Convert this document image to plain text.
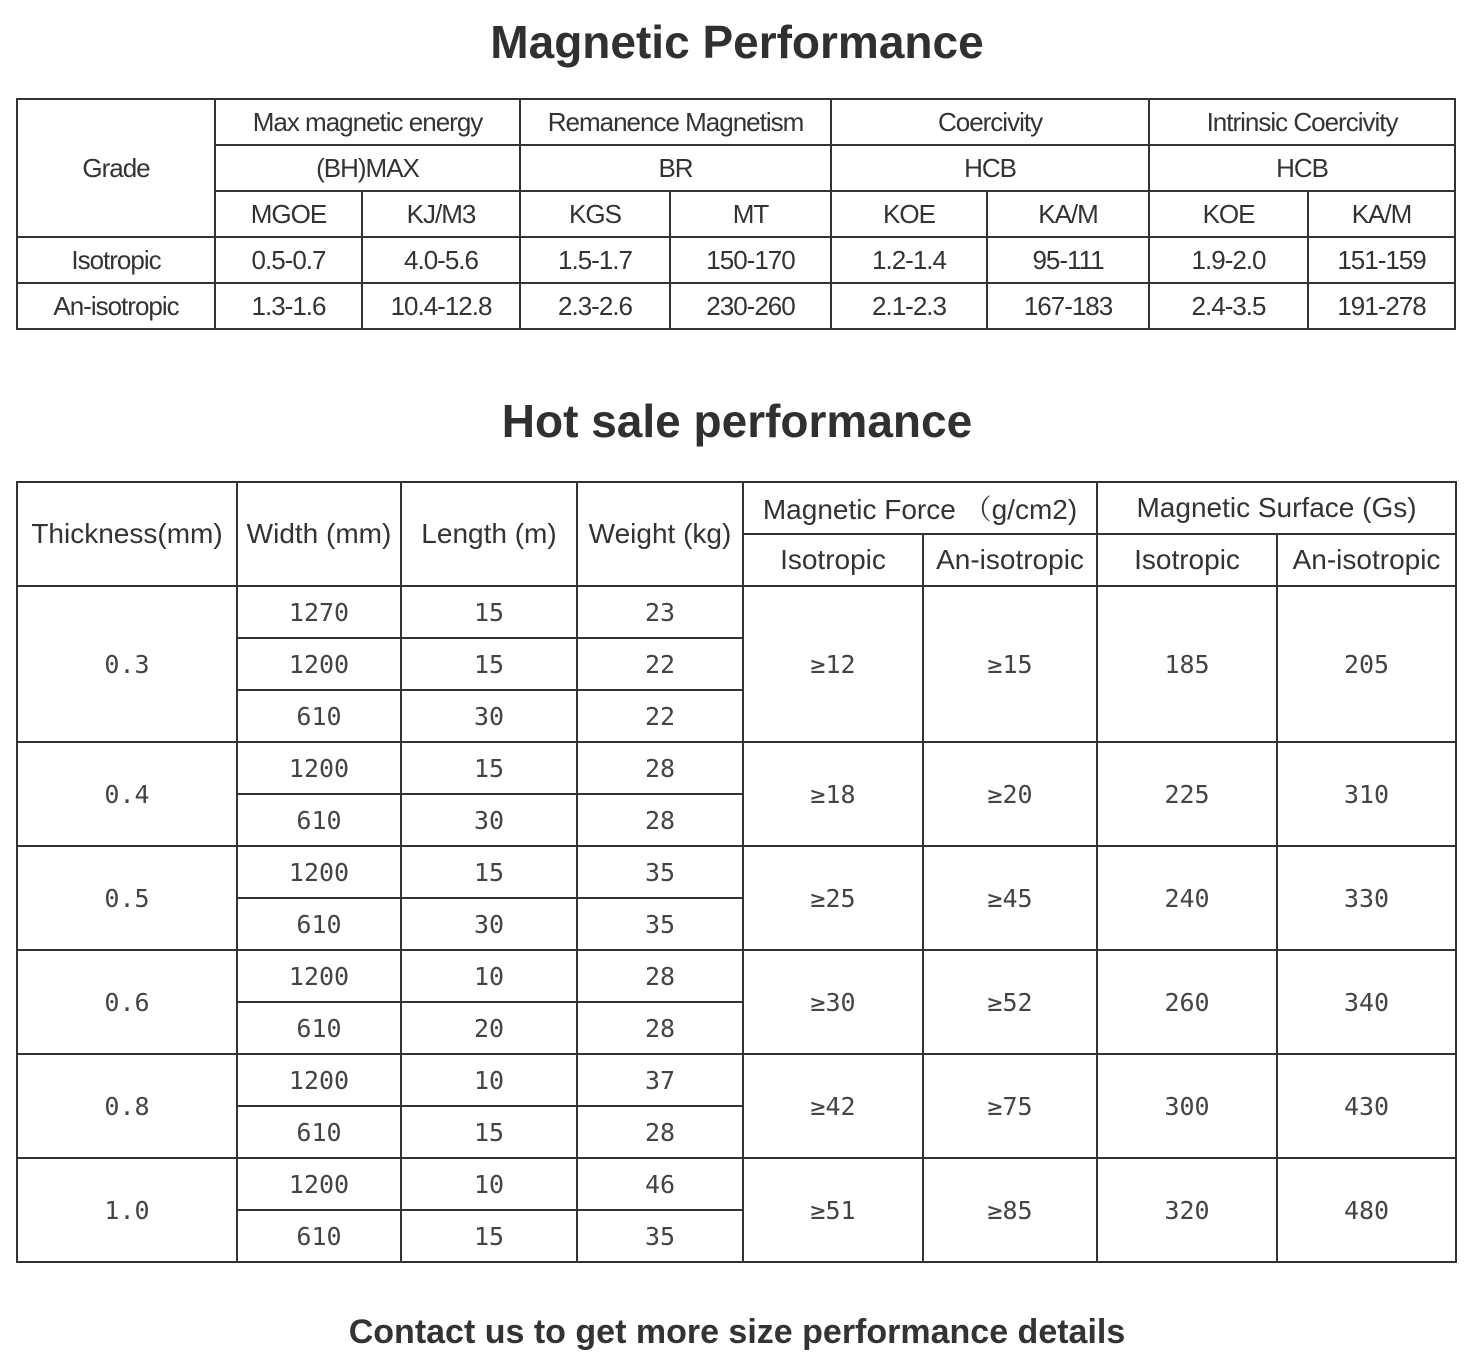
Magnetic Performance
Grade	Max magnetic energy		Remanence Magnetism		Coercivity		Intrinsic Coercivity	
	(BH)MAX		BR		HCB		HCB	
	MGOE	KJ/M3	KGS	MT	KOE	KA/M	KOE	KA/M
Isotropic	0.5-0.7	4.0-5.6	1.5-1.7	150-170	1.2-1.4	95-111	1.9-2.0	151-159
An-isotropic	1.3-1.6	10.4-12.8	2.3-2.6	230-260	2.1-2.3	167-183	2.4-3.5	191-278
Hot sale performance
Thickness(mm)	Width (mm)	Length (m)	Weight (kg)	Magnetic Force （g/cm2)		Magnetic Surface (Gs)	
				Isotropic	An-isotropic	Isotropic	An-isotropic
0.3	1270	15	23	≥12	≥15	185	205
	1200	15	22				
	610	30	22				
0.4	1200	15	28	≥18	≥20	225	310
	610	30	28				
0.5	1200	15	35	≥25	≥45	240	330
	610	30	35				
0.6	1200	10	28	≥30	≥52	260	340
	610	20	28				
0.8	1200	10	37	≥42	≥75	300	430
	610	15	28				
1.0	1200	10	46	≥51	≥85	320	480
	610	15	35				
Contact us to get more size performance details
